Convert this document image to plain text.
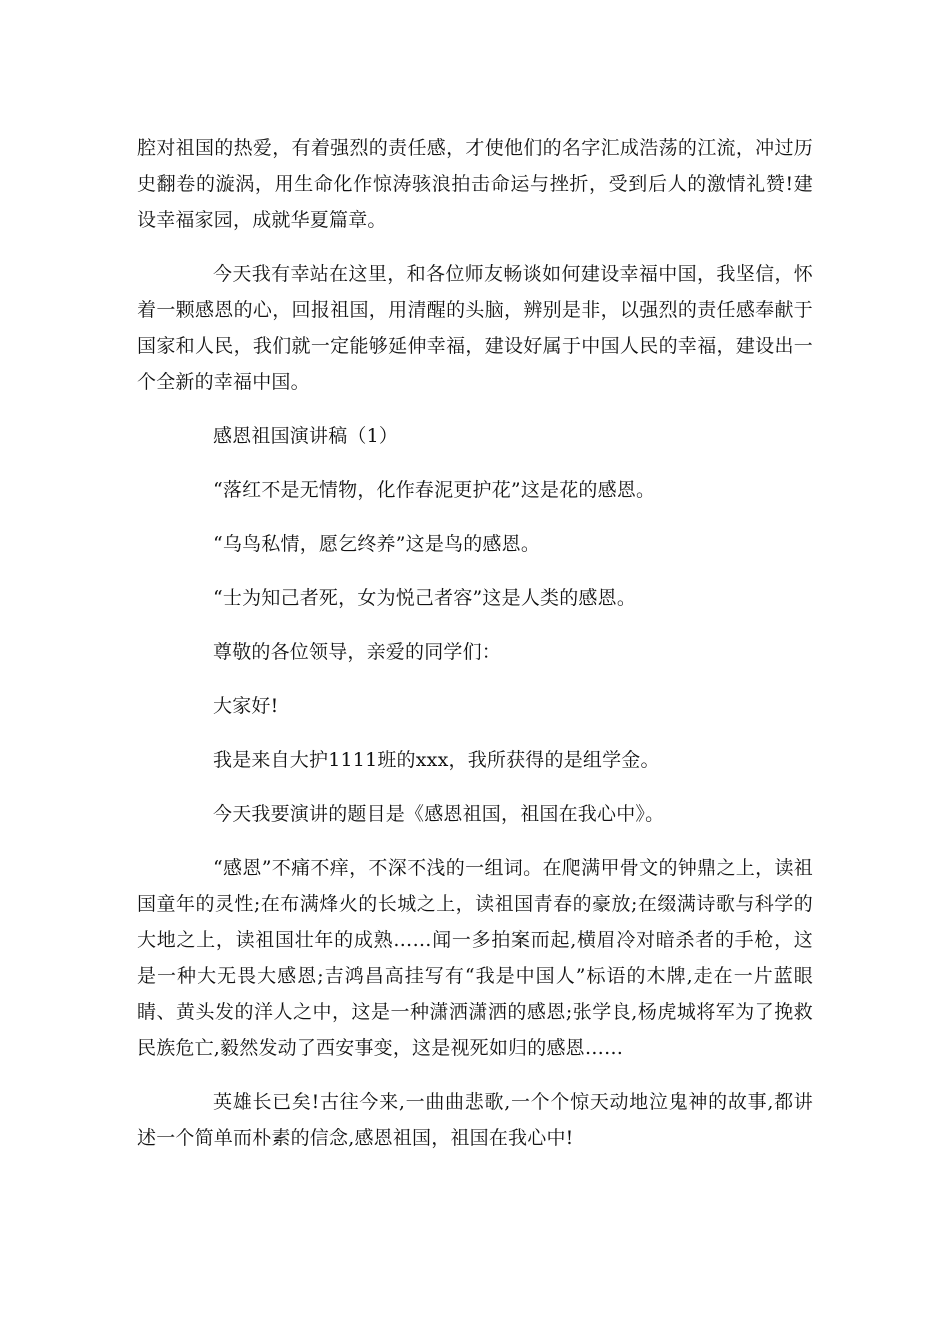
腔对祖国的热爱，有着强烈的责任感，才使他们的名字汇成浩荡的江流，冲过历史翻卷的漩涡，用生命化作惊涛骇浪拍击命运与挫折，受到后人的激情礼赞!建设幸福家园，成就华夏篇章。

今天我有幸站在这里，和各位师友畅谈如何建设幸福中国，我坚信，怀着一颗感恩的心，回报祖国，用清醒的头脑，辨别是非，以强烈的责任感奉献于国家和人民，我们就一定能够延伸幸福，建设好属于中国人民的幸福，建设出一个全新的幸福中国。

感恩祖国演讲稿（1）

“落红不是无情物，化作春泥更护花”这是花的感恩。

“乌鸟私情，愿乞终养”这是鸟的感恩。

“士为知己者死，女为悦己者容”这是人类的感恩。

尊敬的各位领导，亲爱的同学们：

大家好!

我是来自大护1111班的xxx，我所获得的是组学金。

今天我要演讲的题目是《感恩祖国，祖国在我心中》。

“感恩”不痛不痒，不深不浅的一组词。在爬满甲骨文的钟鼎之上，读祖国童年的灵性;在布满烽火的长城之上，读祖国青春的豪放;在缀满诗歌与科学的大地之上，读祖国壮年的成熟……闻一多拍案而起,横眉冷对暗杀者的手枪，这是一种大无畏大感恩;吉鸿昌高挂写有“我是中国人”标语的木牌,走在一片蓝眼睛、黄头发的洋人之中，这是一种潇洒潇洒的感恩;张学良,杨虎城将军为了挽救民族危亡,毅然发动了西安事变，这是视死如归的感恩……

英雄长已矣!古往今来,一曲曲悲歌,一个个惊天动地泣鬼神的故事,都讲述一个简单而朴素的信念,感恩祖国，祖国在我心中!
